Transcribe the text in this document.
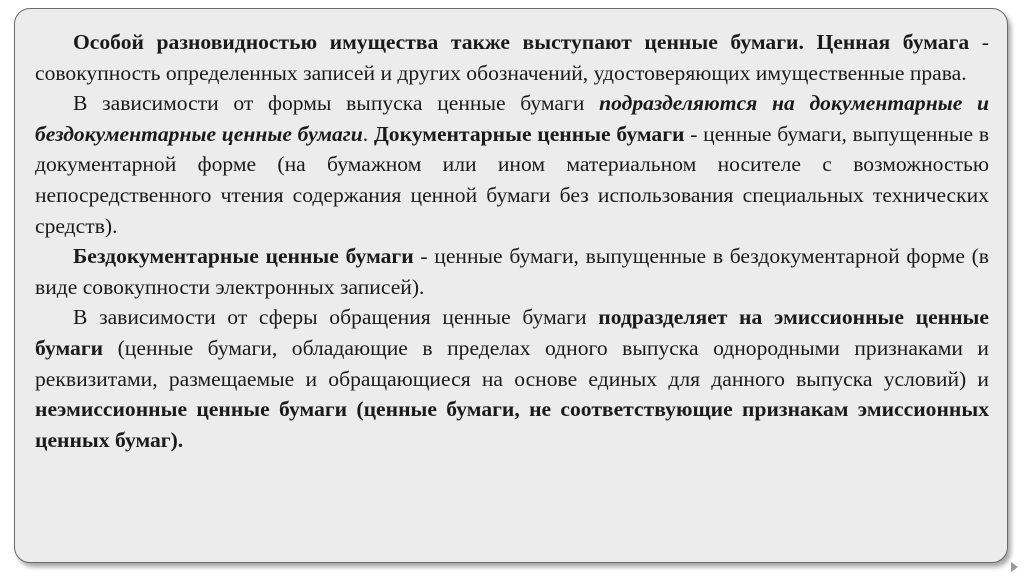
Особой разновидностью имущества также выступают ценные бумаги. Ценная бумага - совокупность определенных записей и других обозначений, удостоверяющих имущественные права.

В зависимости от формы выпуска ценные бумаги подразделяются на документарные и бездокументарные ценные бумаги. Документарные ценные бумаги - ценные бумаги, выпущенные в документарной форме (на бумажном или ином материальном носителе с возможностью непосредственного чтения содержания ценной бумаги без использования специальных технических средств).

Бездокументарные ценные бумаги - ценные бумаги, выпущенные в бездокументарной форме (в виде совокупности электронных записей).

В зависимости от сферы обращения ценные бумаги подразделяет на эмиссионные ценные бумаги (ценные бумаги, обладающие в пределах одного выпуска однородными признаками и реквизитами, размещаемые и обращающиеся на основе единых для данного выпуска условий) и неэмиссионные ценные бумаги (ценные бумаги, не соответствующие признакам эмиссионных ценных бумаг).
